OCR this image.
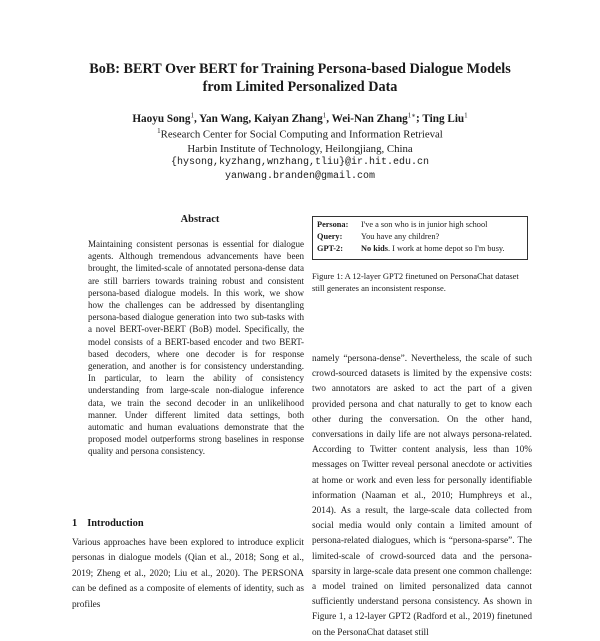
BoB: BERT Over BERT for Training Persona-based Dialogue Models
from Limited Personalized Data
Haoyu Song$^1$, Yan Wang, Kaiyan Zhang$^1$, Wei-Nan Zhang$^{1∗}$; Ting Liu$^1$
$^1$Research Center for Social Computing and Information Retrieval
Harbin Institute of Technology, Heilongjiang, China
{hysong,kyzhang,wnzhang,tliu}@ir.hit.edu.cn
yanwang.branden@gmail.com
Abstract

Maintaining consistent personas is essential for dialogue agents. Although tremendous advancements have been brought, the limited-scale of annotated persona-dense data are still barriers towards training robust and consistent persona-based dialogue models. In this work, we show how the challenges can be addressed by disentangling persona-based dialogue generation into two sub-tasks with a novel BERT-over-BERT (BoB) model. Specifically, the model consists of a BERT-based encoder and two BERT-based decoders, where one decoder is for response generation, and another is for consistency understanding. In particular, to learn the ability of consistency understanding from large-scale non-dialogue inference data, we train the second decoder in an unlikelihood manner. Under different limited data settings, both automatic and human evaluations demonstrate that the proposed model outperforms strong baselines in response quality and persona consistency.

1 Introduction

Various approaches have been explored to introduce explicit personas in dialogue models (Qian et al., 2018; Song et al., 2019; Zheng et al., 2020; Liu et al., 2020). The PERSONA can be defined as a composite of elements of identity, such as profiles

Persona:	I've a son who is in junior high school
Query:	You have any children?
GPT-2:	No kids. I work at home depot so I'm busy.
Figure 1: A 12-layer GPT2 finetuned on PersonaChat dataset still generates an inconsistent response.

namely “persona-dense”. Nevertheless, the scale of such crowd-sourced datasets is limited by the expensive costs: two annotators are asked to act the part of a given provided persona and chat naturally to get to know each other during the conversation. On the other hand, conversations in daily life are not always persona-related. According to Twitter content analysis, less than 10% messages on Twitter reveal personal anecdote or activities at home or work and even less for personally identifiable information (Naaman et al., 2010; Humphreys et al., 2014). As a result, the large-scale data collected from social media would only contain a limited amount of persona-related dialogues, which is “persona-sparse”. The limited-scale of crowd-sourced data and the persona-sparsity in large-scale data present one common challenge: a model trained on limited personalized data cannot sufficiently understand persona consistency. As shown in Figure 1, a 12-layer GPT2 (Radford et al., 2019) finetuned on the PersonaChat dataset still
